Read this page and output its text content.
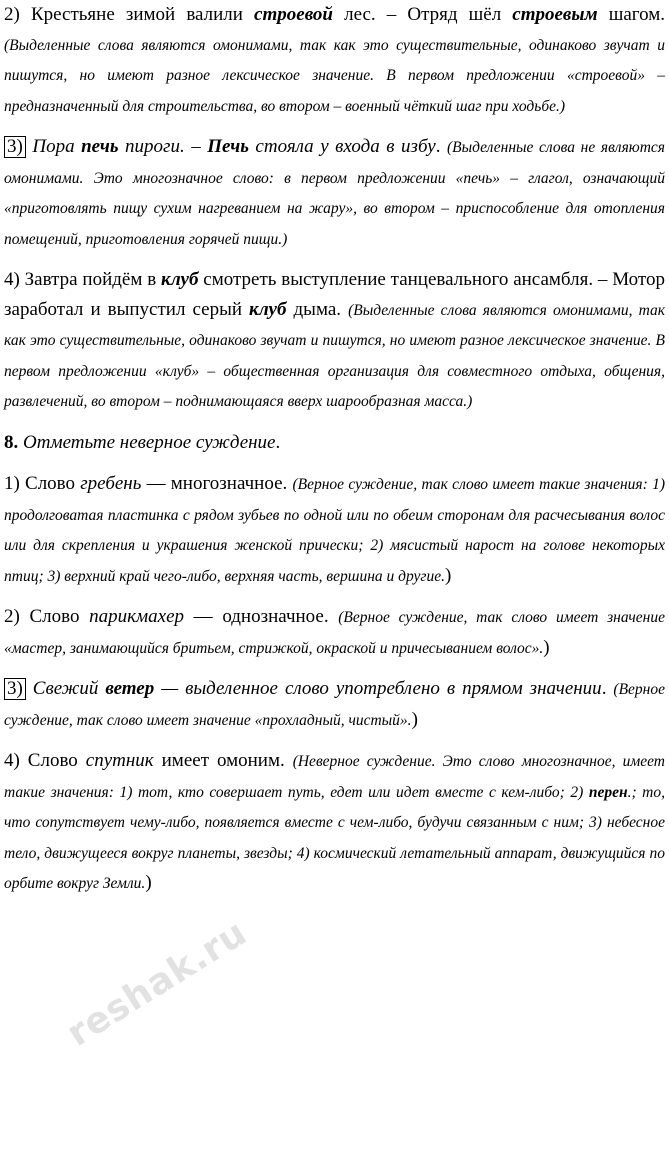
2) Крестьяне зимой валили строевой лес. – Отряд шёл строевым шагом. (Выделенные слова являются омонимами, так как это существительные, одинаково звучат и пишутся, но имеют разное лексическое значение. В первом предложении «строевой» – предназначенный для строительства, во втором – военный чёткий шаг при ходьбе.)

3) Пора печь пироги. – Печь стояла у входа в избу. (Выделенные слова не являются омонимами. Это многозначное слово: в первом предложении «печь» – глагол, означающий «приготовлять пищу сухим нагреванием на жару», во втором – приспособление для отопления помещений, приготовления горячей пищи.)

4) Завтра пойдём в клуб смотреть выступление танцевального ансамбля. – Мотор заработал и выпустил серый клуб дыма. (Выделенные слова являются омонимами, так как это существительные, одинаково звучат и пишутся, но имеют разное лексическое значение. В первом предложении «клуб» – общественная организация для совместного отдыха, общения, развлечений, во втором – поднимающаяся вверх шарообразная масса.)

8. Отметьте неверное суждение.

1) Слово гребень — многозначное. (Верное суждение, так слово имеет такие значения: 1) продолговатая пластинка с рядом зубьев по одной или по обеим сторонам для расчесывания волос или для скрепления и украшения женской прически; 2) мясистый нарост на голове некоторых птиц; 3) верхний край чего-либо, верхняя часть, вершина и другие.)

2) Слово парикмахер — однозначное. (Верное суждение, так слово имеет значение «мастер, занимающийся бритьем, стрижкой, окраской и причесыванием волос».)

3) Свежий ветер — выделенное слово употреблено в прямом значении. (Верное суждение, так слово имеет значение «прохладный, чистый».)

4) Слово спутник имеет омоним. (Неверное суждение. Это слово многозначное, имеет такие значения: 1) тот, кто совершает путь, едет или идет вместе с кем-либо; 2) перен.; то, что сопутствует чему-либо, появляется вместе с чем-либо, будучи связанным с ним; 3) небесное тело, движущееся вокруг планеты, звезды; 4) космический летательный аппарат, движущийся по орбите вокруг Земли.)

reshak.ru
